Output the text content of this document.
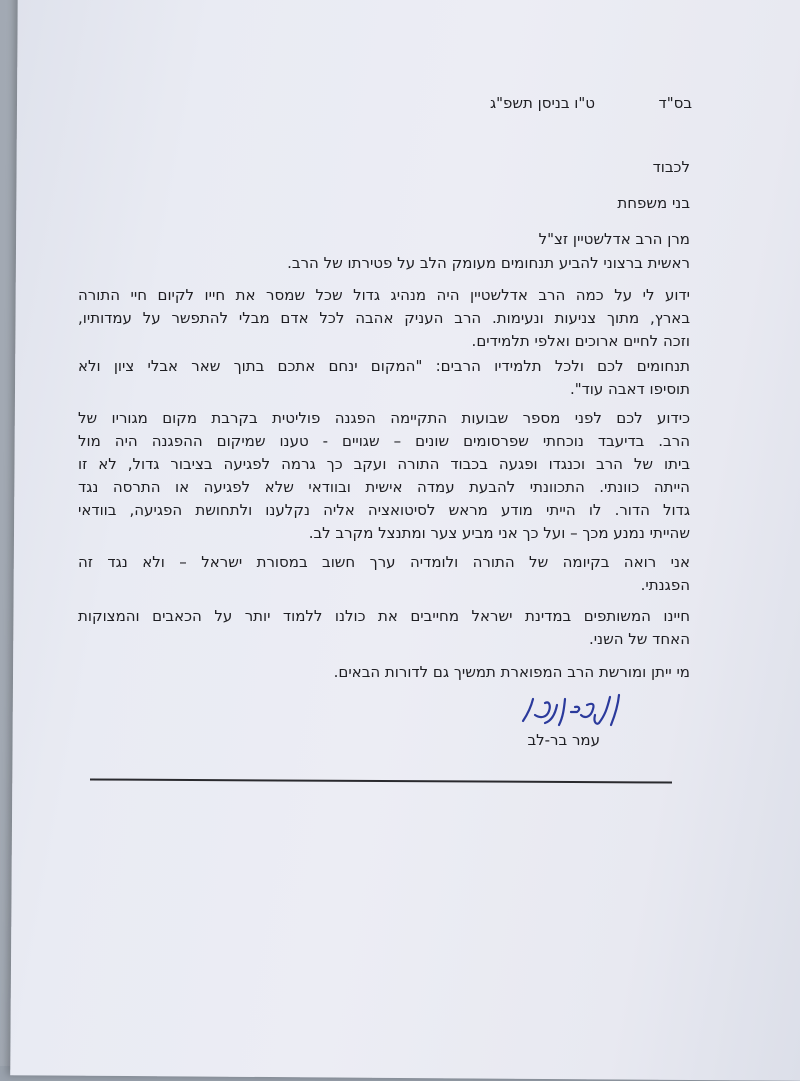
בס"ד
ט"ו בניסן תשפ"ג
לכבוד
בני משפחת
מרן הרב אדלשטיין זצ"ל
ראשית ברצוני להביע תנחומים מעומק הלב על פטירתו של הרב.
ידוע לי על כמה הרב אדלשטיין היה מנהיג גדול שכל שמסר את חייו לקיום חיי התורה
בארץ, מתוך צניעות ונעימות. הרב העניק אהבה לכל אדם מבלי להתפשר על עמדותיו,
וזכה לחיים ארוכים ואלפי תלמידים.
תנחומים לכם ולכל תלמידיו הרבים: "המקום ינחם אתכם בתוך שאר אבלי ציון ולא
תוסיפו דאבה עוד".
כידוע לכם לפני מספר שבועות התקיימה הפגנה פוליטית בקרבת מקום מגוריו של
הרב. בדיעבד נוכחתי שפרסומים שונים – שגויים - טענו שמיקום ההפגנה היה מול
ביתו של הרב וכנגדו ופגעה בכבוד התורה ועקב כך גרמה לפגיעה בציבור גדול, לא זו
הייתה כוונתי. התכוונתי להבעת עמדה אישית ובוודאי שלא לפגיעה או התרסה נגד
גדול הדור. לו הייתי מודע מראש לסיטואציה אליה נקלענו ולתחושת הפגיעה, בוודאי
שהייתי נמנע מכך – ועל כך אני מביע צער ומתנצל מקרב לב.
אני רואה בקיומה של התורה ולומדיה ערך חשוב במסורת ישראל – ולא נגד זה
הפגנתי.
חיינו המשותפים במדינת ישראל מחייבים את כולנו ללמוד יותר על הכאבים והמצוקות
האחד של השני.
מי ייתן ומורשת הרב המפוארת תמשיך גם לדורות הבאים.
עמר בר-לב
